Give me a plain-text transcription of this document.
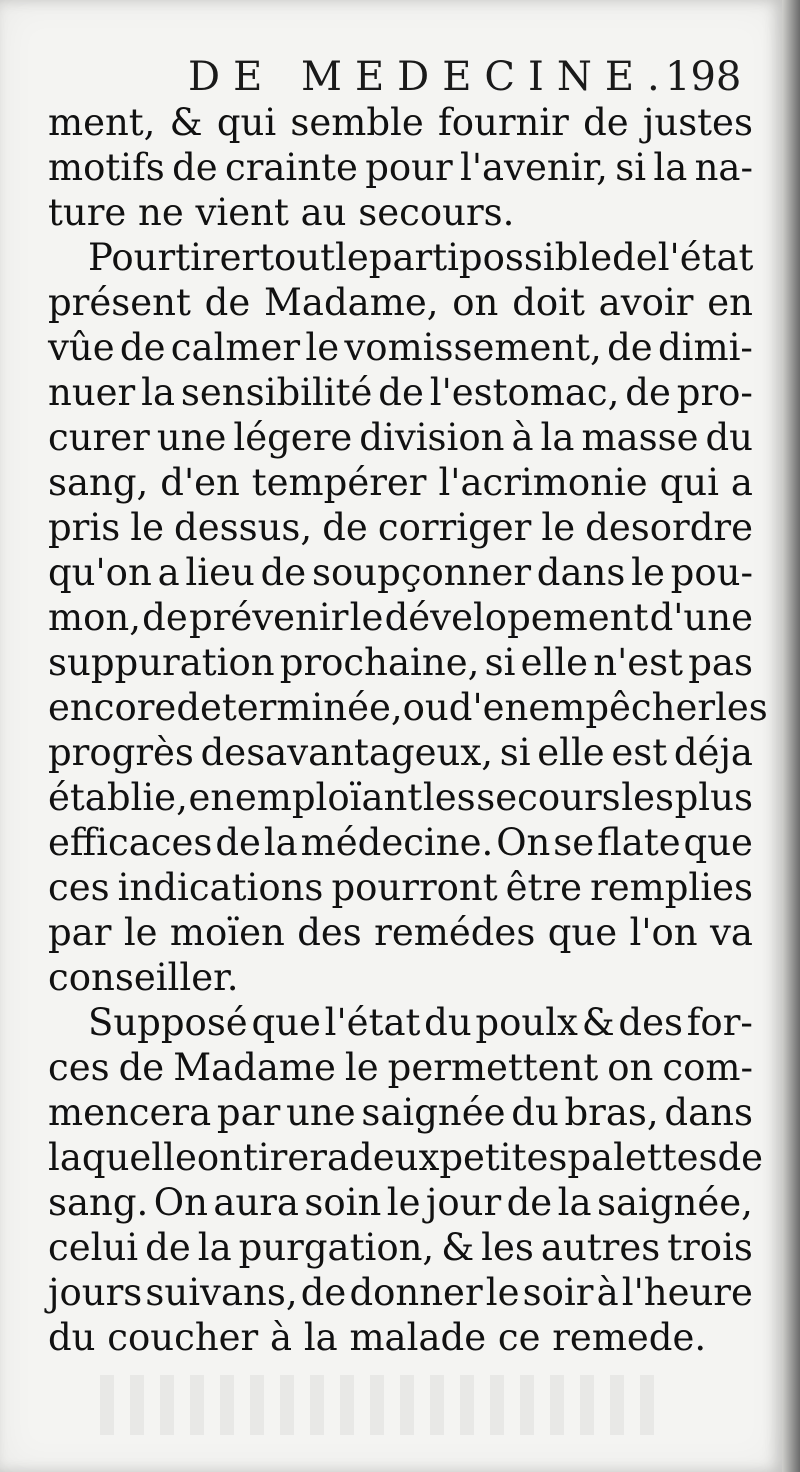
DE MEDECINE.
198
ment, & qui semble fournir de justes
motifs de crainte pour l'avenir, si la na-
ture ne vient au secours.
Pour tirer tout le parti possible de l'état
présent de Madame, on doit avoir en
vûe de calmer le vomissement, de dimi-
nuer la sensibilité de l'estomac, de pro-
curer une légere division à la masse du
sang, d'en tempérer l'acrimonie qui a
pris le dessus, de corriger le desordre
qu'on a lieu de soupçonner dans le pou-
mon, de prévenir le dévelopement d'une
suppuration prochaine, si elle n'est pas
encore determinée, ou d'en empêcher les
progrès desavantageux, si elle est déja
établie, en emploïant les secours les plus
efficaces de la médecine. On se flate que
ces indications pourront être remplies
par le moïen des remédes que l'on va
conseiller.
Supposé que l'état du poulx & des for-
ces de Madame le permettent on com-
mencera par une saignée du bras, dans
laquelle on tirera deux petites palettes de
sang. On aura soin le jour de la saignée,
celui de la purgation, & les autres trois
jours suivans, de donner le soir à l'heure
du coucher à la malade ce remede.
